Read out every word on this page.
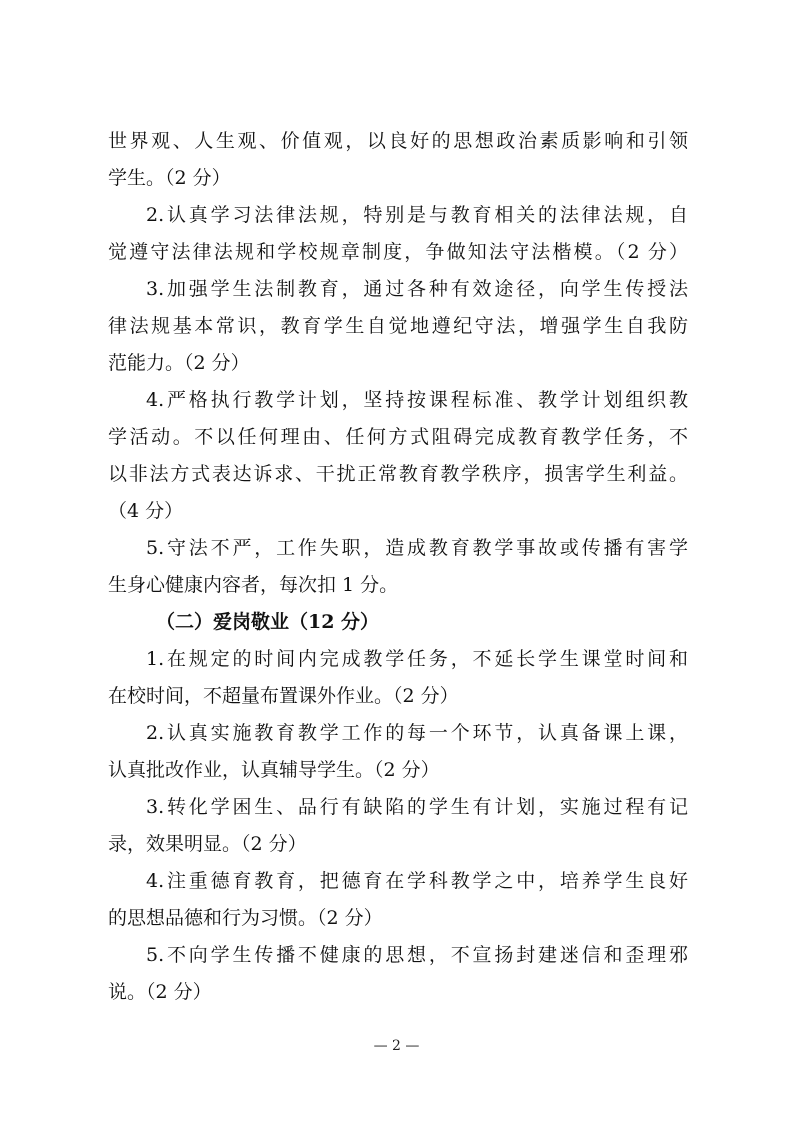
世界观、人生观、价值观，以良好的思想政治素质影响和引领
学生。（2 分）
2.认真学习法律法规，特别是与教育相关的法律法规，自
觉遵守法律法规和学校规章制度，争做知法守法楷模。（2 分）
3.加强学生法制教育，通过各种有效途径，向学生传授法
律法规基本常识，教育学生自觉地遵纪守法，增强学生自我防
范能力。（2 分）
4.严格执行教学计划，坚持按课程标准、教学计划组织教
学活动。不以任何理由、任何方式阻碍完成教育教学任务，不
以非法方式表达诉求、干扰正常教育教学秩序，损害学生利益。
（4 分）
5.守法不严，工作失职，造成教育教学事故或传播有害学
生身心健康内容者，每次扣 1 分。
（二）爱岗敬业（12 分）
1.在规定的时间内完成教学任务，不延长学生课堂时间和
在校时间，不超量布置课外作业。（2 分）
2.认真实施教育教学工作的每一个环节，认真备课上课，
认真批改作业，认真辅导学生。（2 分）
3.转化学困生、品行有缺陷的学生有计划，实施过程有记
录，效果明显。（2 分）
4.注重德育教育，把德育在学科教学之中，培养学生良好
的思想品德和行为习惯。（2 分）
5.不向学生传播不健康的思想，不宣扬封建迷信和歪理邪
说。（2 分）
— 2 —
